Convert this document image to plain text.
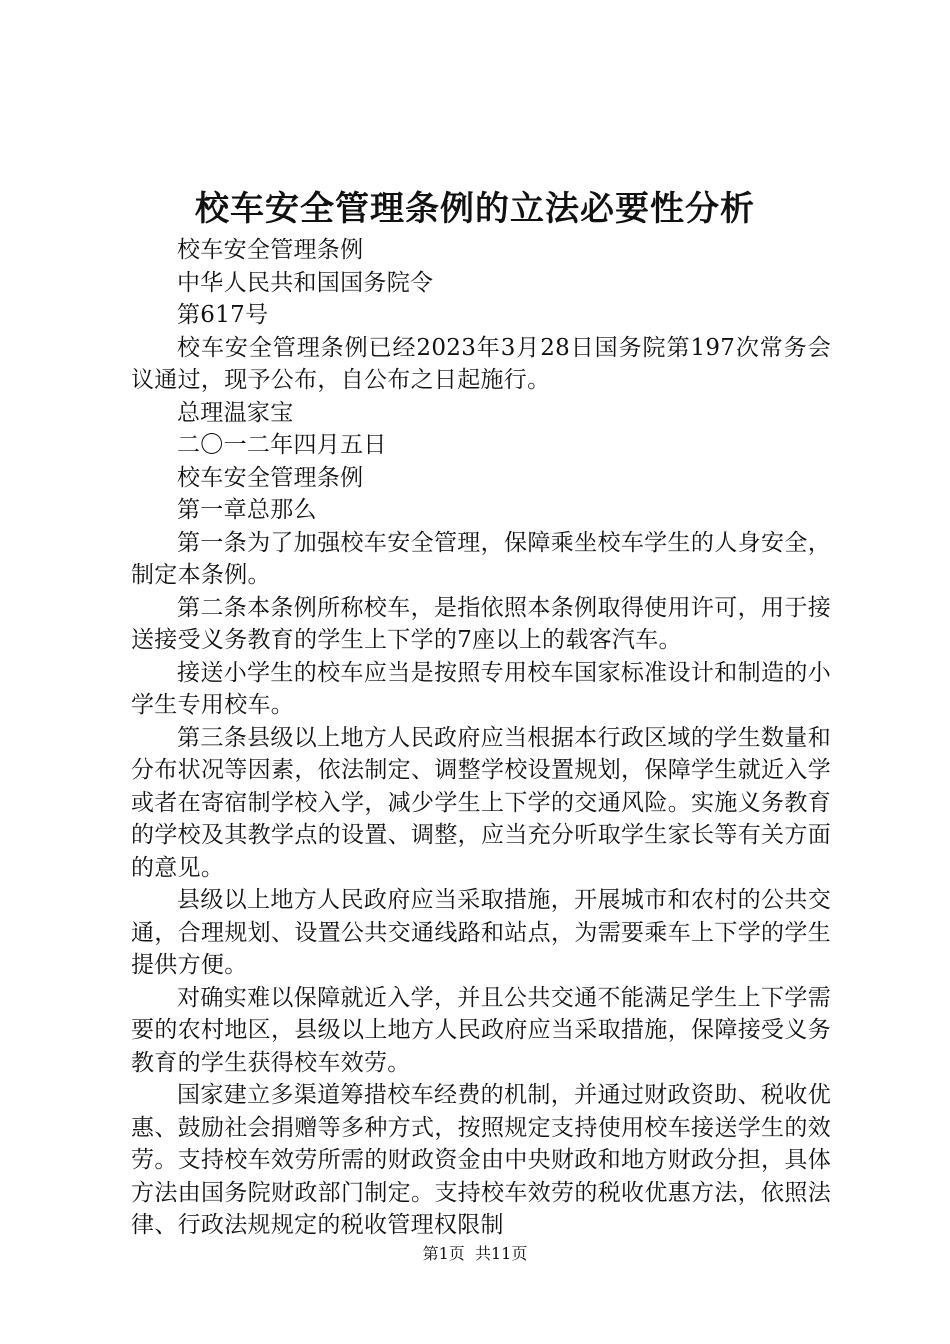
校车安全管理条例的立法必要性分析

校车安全管理条例

中华人民共和国国务院令

第617号

校车安全管理条例已经2023年3月28日国务院第197次常务会议通过，现予公布，自公布之日起施行。

总理温家宝

二〇一二年四月五日

校车安全管理条例

第一章总那么

第一条为了加强校车安全管理，保障乘坐校车学生的人身安全，制定本条例。

第二条本条例所称校车，是指依照本条例取得使用许可，用于接送接受义务教育的学生上下学的7座以上的载客汽车。

接送小学生的校车应当是按照专用校车国家标准设计和制造的小学生专用校车。

第三条县级以上地方人民政府应当根据本行政区域的学生数量和分布状况等因素，依法制定、调整学校设置规划，保障学生就近入学或者在寄宿制学校入学，减少学生上下学的交通风险。实施义务教育的学校及其教学点的设置、调整，应当充分听取学生家长等有关方面的意见。

县级以上地方人民政府应当采取措施，开展城市和农村的公共交通，合理规划、设置公共交通线路和站点，为需要乘车上下学的学生提供方便。

对确实难以保障就近入学，并且公共交通不能满足学生上下学需要的农村地区，县级以上地方人民政府应当采取措施，保障接受义务教育的学生获得校车效劳。

国家建立多渠道筹措校车经费的机制，并通过财政资助、税收优惠、鼓励社会捐赠等多种方式，按照规定支持使用校车接送学生的效劳。支持校车效劳所需的财政资金由中央财政和地方财政分担，具体方法由国务院财政部门制定。支持校车效劳的税收优惠方法，依照法律、行政法规规定的税收管理权限制

第1页 共11页
